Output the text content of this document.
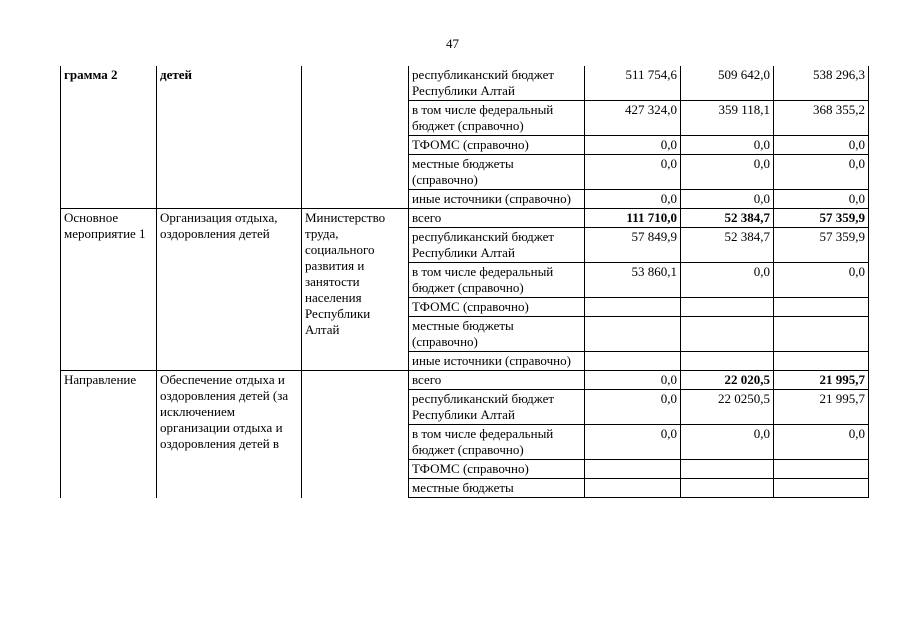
47
грамма 2	детей		республиканский бюджет Республики Алтай	511 754,6	509 642,0	538 296,3
			в том числе федеральный бюджет (справочно)	427 324,0	359 118,1	368 355,2
			ТФОМС (справочно)	0,0	0,0	0,0
			местные бюджеты (справочно)	0,0	0,0	0,0
			иные источники (справочно)	0,0	0,0	0,0
Основное мероприятие 1	Организация отдыха, оздоровления детей	Министерство труда, социального развития и занятости населения Республики Алтай	всего	111 710,0	52 384,7	57 359,9
			республиканский бюджет Республики Алтай	57 849,9	52 384,7	57 359,9
			в том числе федеральный бюджет (справочно)	53 860,1	0,0	0,0
			ТФОМС (справочно)			
			местные бюджеты (справочно)			
			иные источники (справочно)			
Направление	Обеспечение отдыха и оздоровления детей (за исключением организации отдыха и оздоровления детей в		всего	0,0	22 020,5	21 995,7
			республиканский бюджет Республики Алтай	0,0	22 0250,5	21 995,7
			в том числе федеральный бюджет (справочно)	0,0	0,0	0,0
			ТФОМС (справочно)			
			местные бюджеты			
